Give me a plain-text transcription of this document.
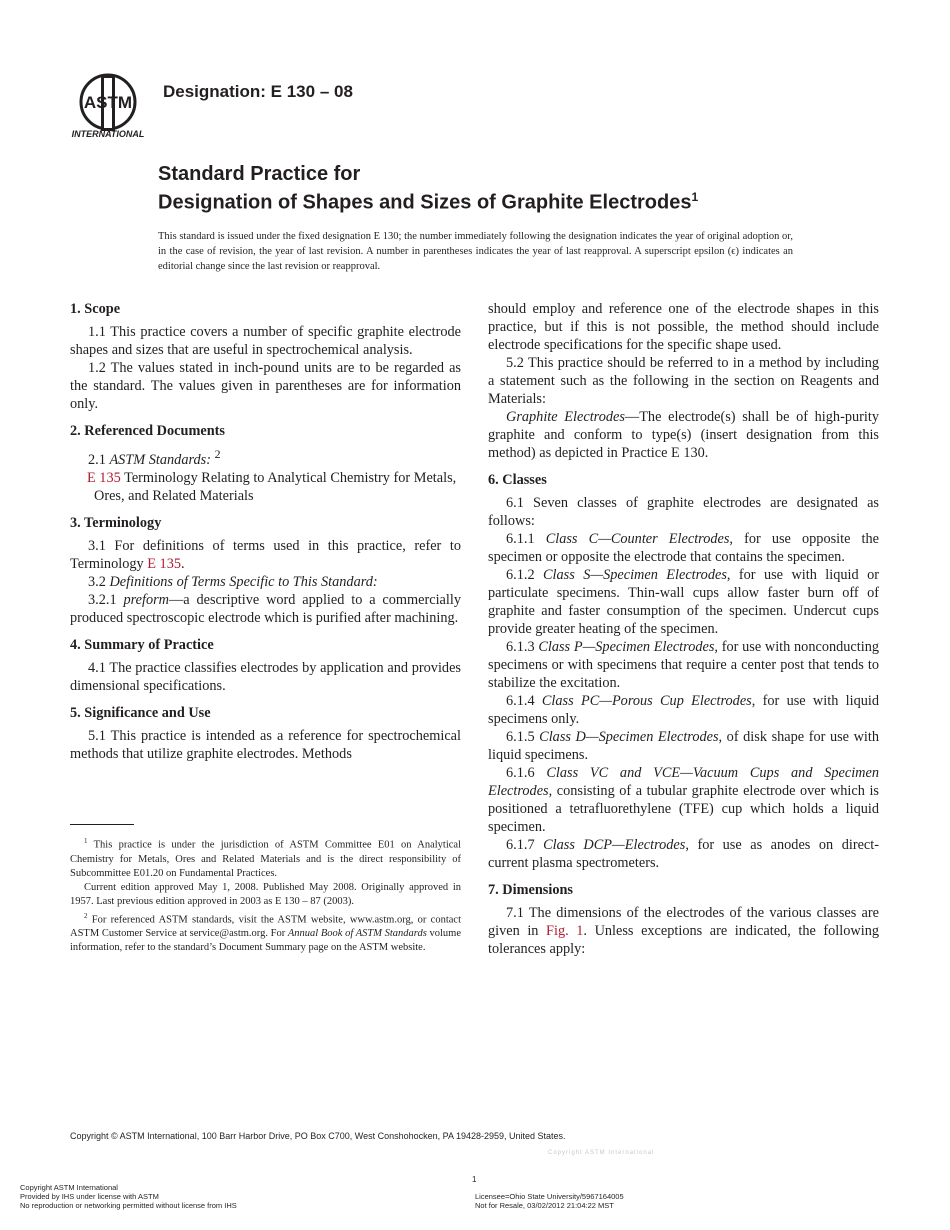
ASTM
INTERNATIONAL
Designation: E 130 – 08
Standard Practice for
Designation of Shapes and Sizes of Graphite Electrodes$^1$
This standard is issued under the fixed designation E 130; the number immediately following the designation indicates the year of original adoption or, in the case of revision, the year of last revision. A number in parentheses indicates the year of last reapproval. A superscript epsilon (ϵ) indicates an editorial change since the last revision or reapproval.
1. Scope

1.1 This practice covers a number of specific graphite electrode shapes and sizes that are useful in spectrochemical analysis.

1.2 The values stated in inch-pound units are to be regarded as the standard. The values given in parentheses are for information only.

2. Referenced Documents

2.1 ASTM Standards: $^2$

E 135 Terminology Relating to Analytical Chemistry for Metals, Ores, and Related Materials

3. Terminology

3.1 For definitions of terms used in this practice, refer to Terminology E 135.

3.2 Definitions of Terms Specific to This Standard:

3.2.1 preform—a descriptive word applied to a commercially produced spectroscopic electrode which is purified after machining.

4. Summary of Practice

4.1 The practice classifies electrodes by application and provides dimensional specifications.

5. Significance and Use

5.1 This practice is intended as a reference for spectrochemical methods that utilize graphite electrodes. Methods

$^1$ This practice is under the jurisdiction of ASTM Committee E01 on Analytical Chemistry for Metals, Ores and Related Materials and is the direct responsibility of Subcommittee E01.20 on Fundamental Practices.

Current edition approved May 1, 2008. Published May 2008. Originally approved in 1957. Last previous edition approved in 2003 as E 130 – 87 (2003).

$^2$ For referenced ASTM standards, visit the ASTM website, www.astm.org, or contact ASTM Customer Service at service@astm.org. For Annual Book of ASTM Standards volume information, refer to the standard’s Document Summary page on the ASTM website.

should employ and reference one of the electrode shapes in this practice, but if this is not possible, the method should include electrode specifications for the specific shape used.

5.2 This practice should be referred to in a method by including a statement such as the following in the section on Reagents and Materials:

Graphite Electrodes—The electrode(s) shall be of high-purity graphite and conform to type(s) (insert designation from this method) as depicted in Practice E 130.

6. Classes

6.1 Seven classes of graphite electrodes are designated as follows:

6.1.1 Class C—Counter Electrodes, for use opposite the specimen or opposite the electrode that contains the specimen.

6.1.2 Class S—Specimen Electrodes, for use with liquid or particulate specimens. Thin-wall cups allow faster burn off of graphite and faster consumption of the specimen. Undercut cups provide greater heating of the specimen.

6.1.3 Class P—Specimen Electrodes, for use with nonconducting specimens or with specimens that require a center post that tends to stabilize the excitation.

6.1.4 Class PC—Porous Cup Electrodes, for use with liquid specimens only.

6.1.5 Class D—Specimen Electrodes, of disk shape for use with liquid specimens.

6.1.6 Class VC and VCE—Vacuum Cups and Specimen Electrodes, consisting of a tubular graphite electrode over which is positioned a tetrafluorethylene (TFE) cup which holds a liquid specimen.

6.1.7 Class DCP—Electrodes, for use as anodes on direct-current plasma spectrometers.

7. Dimensions

7.1 The dimensions of the electrodes of the various classes are given in Fig. 1. Unless exceptions are indicated, the following tolerances apply:

Copyright © ASTM International, 100 Barr Harbor Drive, PO Box C700, West Conshohocken, PA 19428-2959, United States.
Copyright ASTM International
1
Copyright ASTM International
Provided by IHS under license with ASTM
No reproduction or networking permitted without license from IHS
Licensee=Ohio State University/5967164005
Not for Resale, 03/02/2012 21:04:22 MST
